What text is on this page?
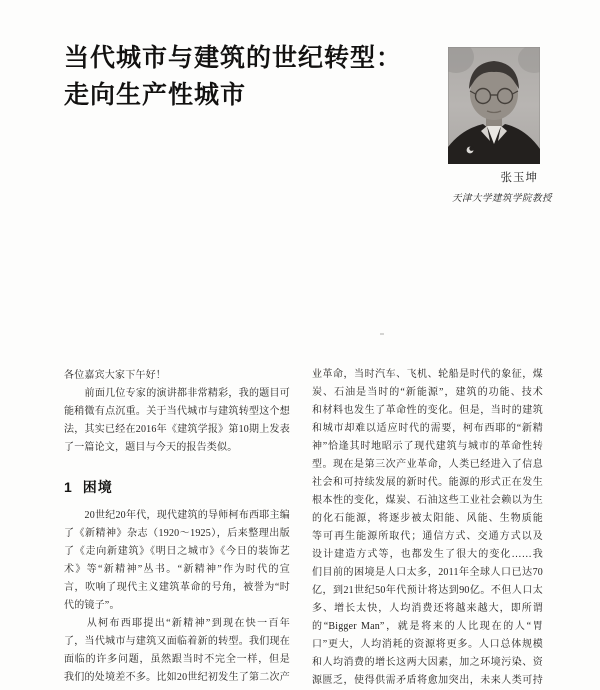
当代城市与建筑的世纪转型：
走向生产性城市
张玉坤
天津大学建筑学院教授
各位嘉宾大家下午好！
　　前面几位专家的演讲都非常精彩，我的题目可
能稍微有点沉重。关于当代城市与建筑转型这个想
法，其实已经在2016年《建筑学报》第10期上发表
了一篇论文，题目与今天的报告类似。
1 困境
　　20世纪20年代，现代建筑的导师柯布西耶主编
了《新精神》杂志（1920～1925），后来整理出版
了《走向新建筑》《明日之城市》《今日的装饰艺
术》等“新精神”丛书。“新精神”作为时代的宣
言，吹响了现代主义建筑革命的号角，被誉为“时
代的镜子”。
　　从柯布西耶提出“新精神”到现在快一百年
了，当代城市与建筑又面临着新的转型。我们现在
面临的许多问题，虽然跟当时不完全一样，但是
我们的处境差不多。比如20世纪初发生了第二次产
业革命，当时汽车、飞机、轮船是时代的象征，煤
炭、石油是当时的“新能源”，建筑的功能、技术
和材料也发生了革命性的变化。但是，当时的建筑
和城市却难以适应时代的需要，柯布西耶的“新精
神”恰逢其时地昭示了现代建筑与城市的革命性转
型。现在是第三次产业革命，人类已经进入了信息
社会和可持续发展的新时代。能源的形式正在发生
根本性的变化，煤炭、石油这些工业社会赖以为生
的化石能源，将逐步被太阳能、风能、生物质能
等可再生能源所取代；通信方式、交通方式以及
设计建造方式等，也都发生了很大的变化……我
们目前的困境是人口太多，2011年全球人口已达70
亿，到21世纪50年代预计将达到90亿。不但人口太
多、增长太快，人均消费还将越来越大，即所谓
的“Bigger Man”，就是将来的人比现在的人“胃
口”更大，人均消耗的资源将更多。人口总体规模
和人均消费的增长这两大因素，加之环境污染、资
源匮乏，使得供需矛盾将愈加突出，未来人类可持
